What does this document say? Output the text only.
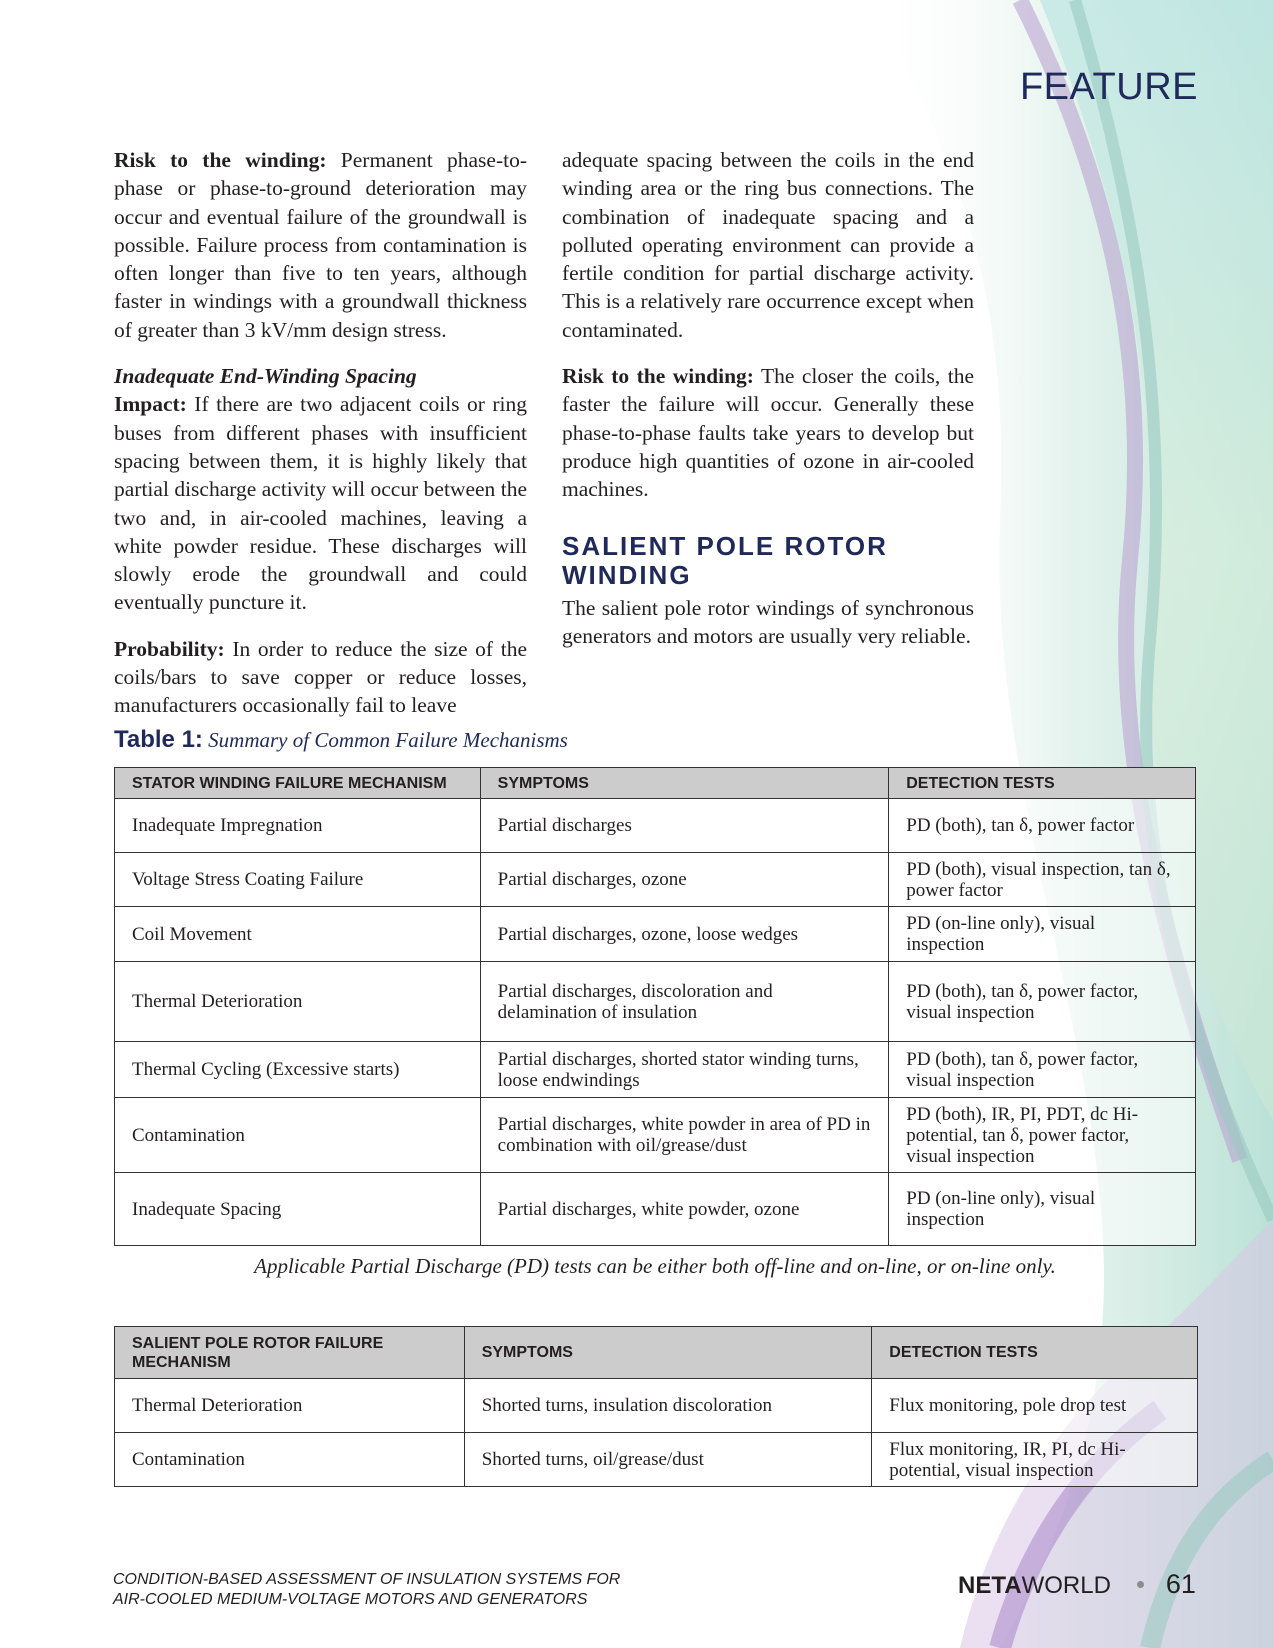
FEATURE

Risk to the winding: Permanent phase-to-phase or phase-to-ground deterioration may occur and eventual failure of the groundwall is possible. Failure process from contamination is often longer than five to ten years, although faster in windings with a groundwall thickness of greater than 3 kV/mm design stress.

Inadequate End-Winding Spacing
Impact: If there are two adjacent coils or ring buses from different phases with insufficient spacing between them, it is highly likely that partial discharge activity will occur between the two and, in air-cooled machines, leaving a white powder residue. These discharges will slowly erode the groundwall and could eventually puncture it.

Probability: In order to reduce the size of the coils/bars to save copper or reduce losses, manufacturers occasionally fail to leave

adequate spacing between the coils in the end winding area or the ring bus connections. The combination of inadequate spacing and a polluted operating environment can provide a fertile condition for partial discharge activity. This is a relatively rare occurrence except when contaminated.

Risk to the winding: The closer the coils, the faster the failure will occur. Generally these phase-to-phase faults take years to develop but produce high quantities of ozone in air-cooled machines.

SALIENT POLE ROTOR WINDING

The salient pole rotor windings of synchronous generators and motors are usually very reliable.

Table 1: Summary of Common Failure Mechanisms
STATOR WINDING FAILURE MECHANISM	SYMPTOMS	DETECTION TESTS
Inadequate Impregnation	Partial discharges	PD (both), tan δ, power factor
Voltage Stress Coating Failure	Partial discharges, ozone	PD (both), visual inspection, tan δ, power factor
Coil Movement	Partial discharges, ozone, loose wedges	PD (on-line only), visual inspection
Thermal Deterioration	Partial discharges, discoloration and delamination of insulation	PD (both), tan δ, power factor, visual inspection
Thermal Cycling (Excessive starts)	Partial discharges, shorted stator winding turns, loose endwindings	PD (both), tan δ, power factor, visual inspection
Contamination	Partial discharges, white powder in area of PD in combination with oil/grease/dust	PD (both), IR, PI, PDT, dc Hi-potential, tan δ, power factor, visual inspection
Inadequate Spacing	Partial discharges, white powder, ozone	PD (on-line only), visual inspection
Applicable Partial Discharge (PD) tests can be either both off-line and on-line, or on-line only.
SALIENT POLE ROTOR FAILURE MECHANISM	SYMPTOMS	DETECTION TESTS
Thermal Deterioration	Shorted turns, insulation discoloration	Flux monitoring, pole drop test
Contamination	Shorted turns, oil/grease/dust	Flux monitoring, IR, PI, dc Hi-potential, visual inspection
CONDITION-BASED ASSESSMENT OF INSULATION SYSTEMS FOR
AIR-COOLED MEDIUM-VOLTAGE MOTORS AND GENERATORS
NETAWORLD 61
